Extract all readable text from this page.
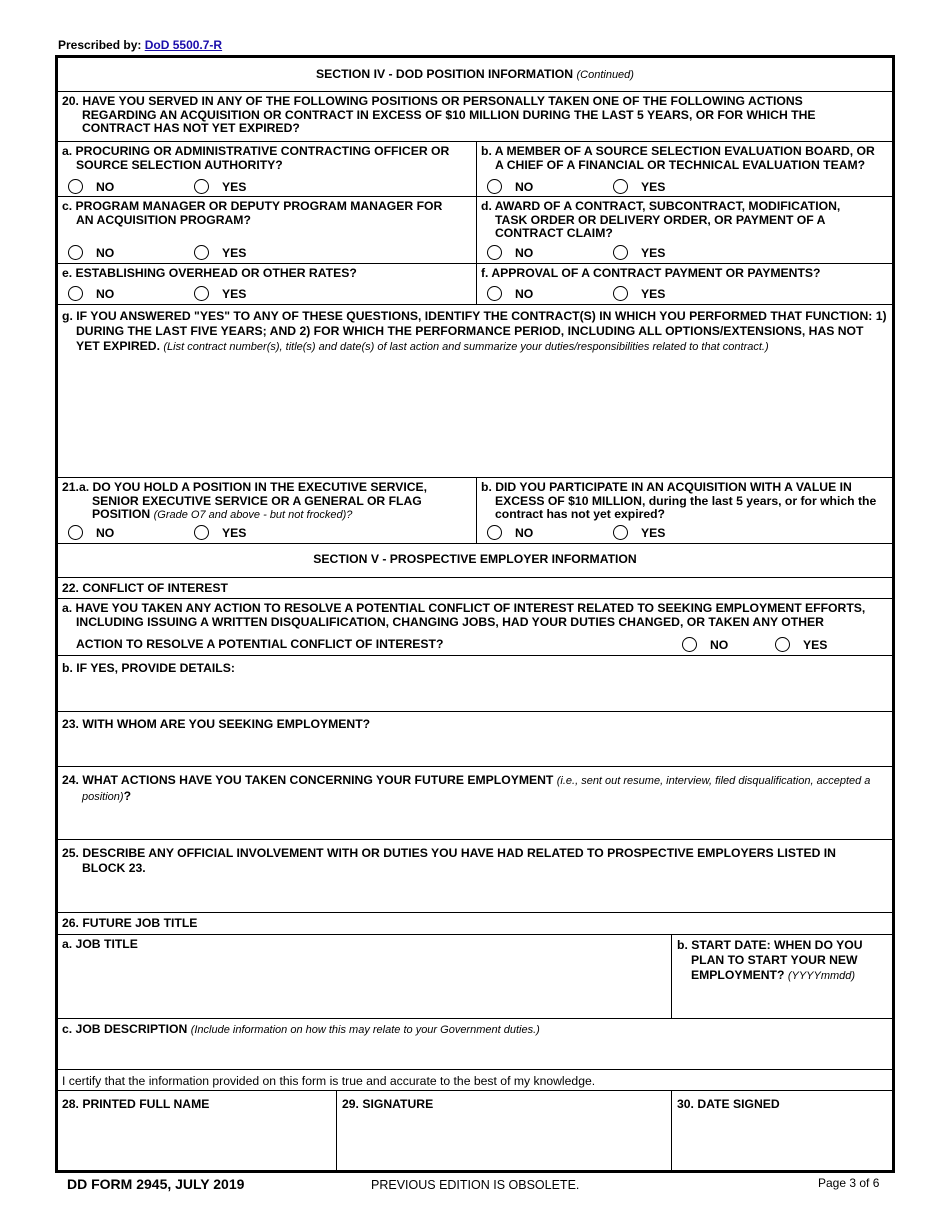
Prescribed by: DoD 5500.7-R
SECTION IV - DOD POSITION INFORMATION (Continued)
20. HAVE YOU SERVED IN ANY OF THE FOLLOWING POSITIONS OR PERSONALLY TAKEN ONE OF THE FOLLOWING ACTIONS REGARDING AN ACQUISITION OR CONTRACT IN EXCESS OF $10 MILLION DURING THE LAST 5 YEARS, OR FOR WHICH THE CONTRACT HAS NOT YET EXPIRED?
a. PROCURING OR ADMINISTRATIVE CONTRACTING OFFICER OR SOURCE SELECTION AUTHORITY?
NO	YES
b. A MEMBER OF A SOURCE SELECTION EVALUATION BOARD, OR A CHIEF OF A FINANCIAL OR TECHNICAL EVALUATION TEAM?
NO	YES
c. PROGRAM MANAGER OR DEPUTY PROGRAM MANAGER FOR AN ACQUISITION PROGRAM?
NO	YES
d. AWARD OF A CONTRACT, SUBCONTRACT, MODIFICATION, TASK ORDER OR DELIVERY ORDER, OR PAYMENT OF A CONTRACT CLAIM?
NO	YES
e. ESTABLISHING OVERHEAD OR OTHER RATES?
NO	YES
f. APPROVAL OF A CONTRACT PAYMENT OR PAYMENTS?
NO	YES
g. IF YOU ANSWERED "YES" TO ANY OF THESE QUESTIONS, IDENTIFY THE CONTRACT(S) IN WHICH YOU PERFORMED THAT FUNCTION: 1) DURING THE LAST FIVE YEARS; AND 2) FOR WHICH THE PERFORMANCE PERIOD, INCLUDING ALL OPTIONS/EXTENSIONS, HAS NOT YET EXPIRED. (List contract number(s), title(s) and date(s) of last action and summarize your duties/responsibilities related to that contract.)
21.a. DO YOU HOLD A POSITION IN THE EXECUTIVE SERVICE, SENIOR EXECUTIVE SERVICE OR A GENERAL OR FLAG POSITION (Grade O7 and above - but not frocked)?
NO	YES
b. DID YOU PARTICIPATE IN AN ACQUISITION WITH A VALUE IN EXCESS OF $10 MILLION, during the last 5 years, or for which the contract has not yet expired?
NO	YES
SECTION V - PROSPECTIVE EMPLOYER INFORMATION
22. CONFLICT OF INTEREST
a. HAVE YOU TAKEN ANY ACTION TO RESOLVE A POTENTIAL CONFLICT OF INTEREST RELATED TO SEEKING EMPLOYMENT EFFORTS, INCLUDING ISSUING A WRITTEN DISQUALIFICATION, CHANGING JOBS, HAD YOUR DUTIES CHANGED, OR TAKEN ANY OTHER
ACTION TO RESOLVE A POTENTIAL CONFLICT OF INTEREST?	NO	YES
b. IF YES, PROVIDE DETAILS:
23. WITH WHOM ARE YOU SEEKING EMPLOYMENT?
24. WHAT ACTIONS HAVE YOU TAKEN CONCERNING YOUR FUTURE EMPLOYMENT (i.e., sent out resume, interview, filed disqualification, accepted a position)?
25. DESCRIBE ANY OFFICIAL INVOLVEMENT WITH OR DUTIES YOU HAVE HAD RELATED TO PROSPECTIVE EMPLOYERS LISTED IN BLOCK 23.
26. FUTURE JOB TITLE
a. JOB TITLE	b. START DATE: WHEN DO YOU PLAN TO START YOUR NEW EMPLOYMENT? (YYYYmmdd)
c. JOB DESCRIPTION (Include information on how this may relate to your Government duties.)
I certify that the information provided on this form is true and accurate to the best of my knowledge.
28. PRINTED FULL NAME	29. SIGNATURE	30. DATE SIGNED
DD FORM 2945, JULY 2019	PREVIOUS EDITION IS OBSOLETE.	Page 3 of 6
